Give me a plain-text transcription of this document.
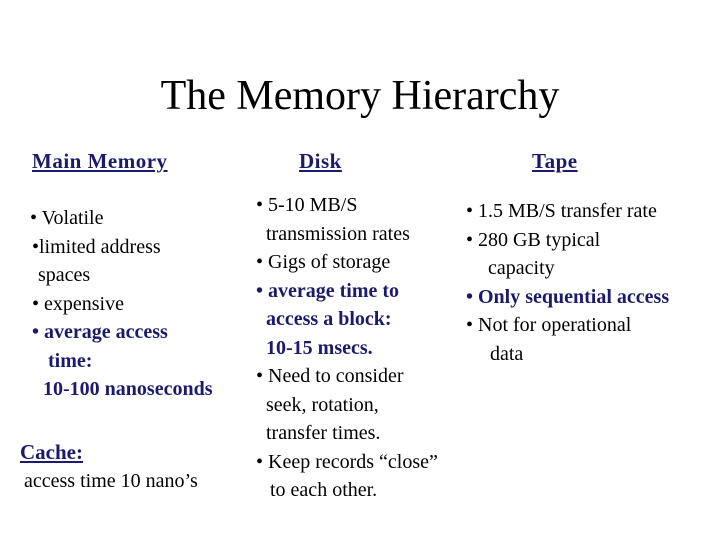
The Memory Hierarchy
Main Memory	Disk	Tape
• Volatile
•limited address
spaces
• expensive
• average access
time:
10-100 nanoseconds
Cache:
access time 10 nano’s
• 5-10 MB/S
transmission rates
• Gigs of storage
• average time to
access a block:
10-15 msecs.
• Need to consider
seek, rotation,
transfer times.
• Keep records “close”
to each other.
• 1.5 MB/S transfer rate
• 280 GB typical
capacity
• Only sequential access
• Not for operational
data
